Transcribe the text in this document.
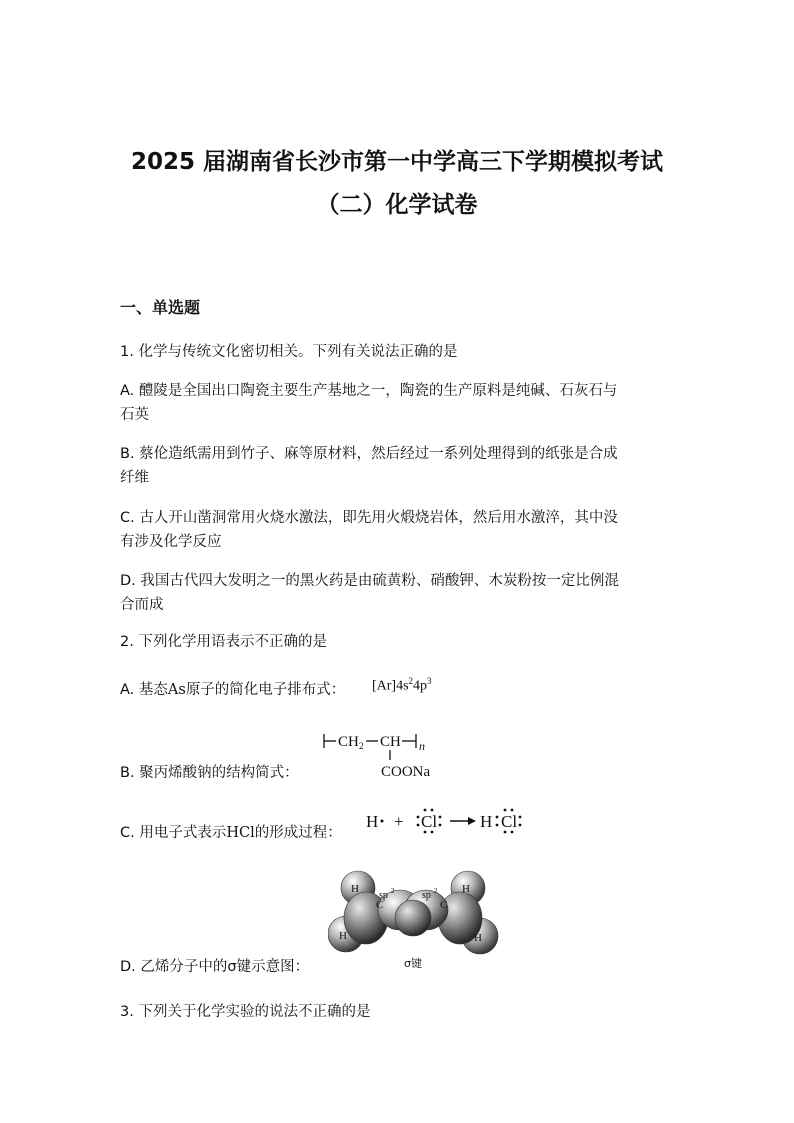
2025 届湖南省长沙市第一中学高三下学期模拟考试
（二）化学试卷
一、单选题
1. 化学与传统文化密切相关。下列有关说法正确的是
A. 醴陵是全国出口陶瓷主要生产基地之一，陶瓷的生产原料是纯碱、石灰石与
石英
B. 蔡伦造纸需用到竹子、麻等原材料，然后经过一系列处理得到的纸张是合成
纤维
C. 古人开山凿洞常用火烧水激法，即先用火煅烧岩体，然后用水激淬，其中没
有涉及化学反应
D. 我国古代四大发明之一的黑火药是由硫黄粉、硝酸钾、木炭粉按一定比例混
合而成
2. 下列化学用语表示不正确的是
A. 基态As原子的简化电子排布式：	$[Ar]4s^24p^3$
B. 聚丙烯酸钠的结构简式：
CH 2 CH n
COONa
C. 用电子式表示HCl的形成过程：
H + Cl	H Cl
D. 乙烯分子中的σ键示意图：
H
H
H
H
C	C
sp 2	sp 2
σ键
3. 下列关于化学实验的说法不正确的是
